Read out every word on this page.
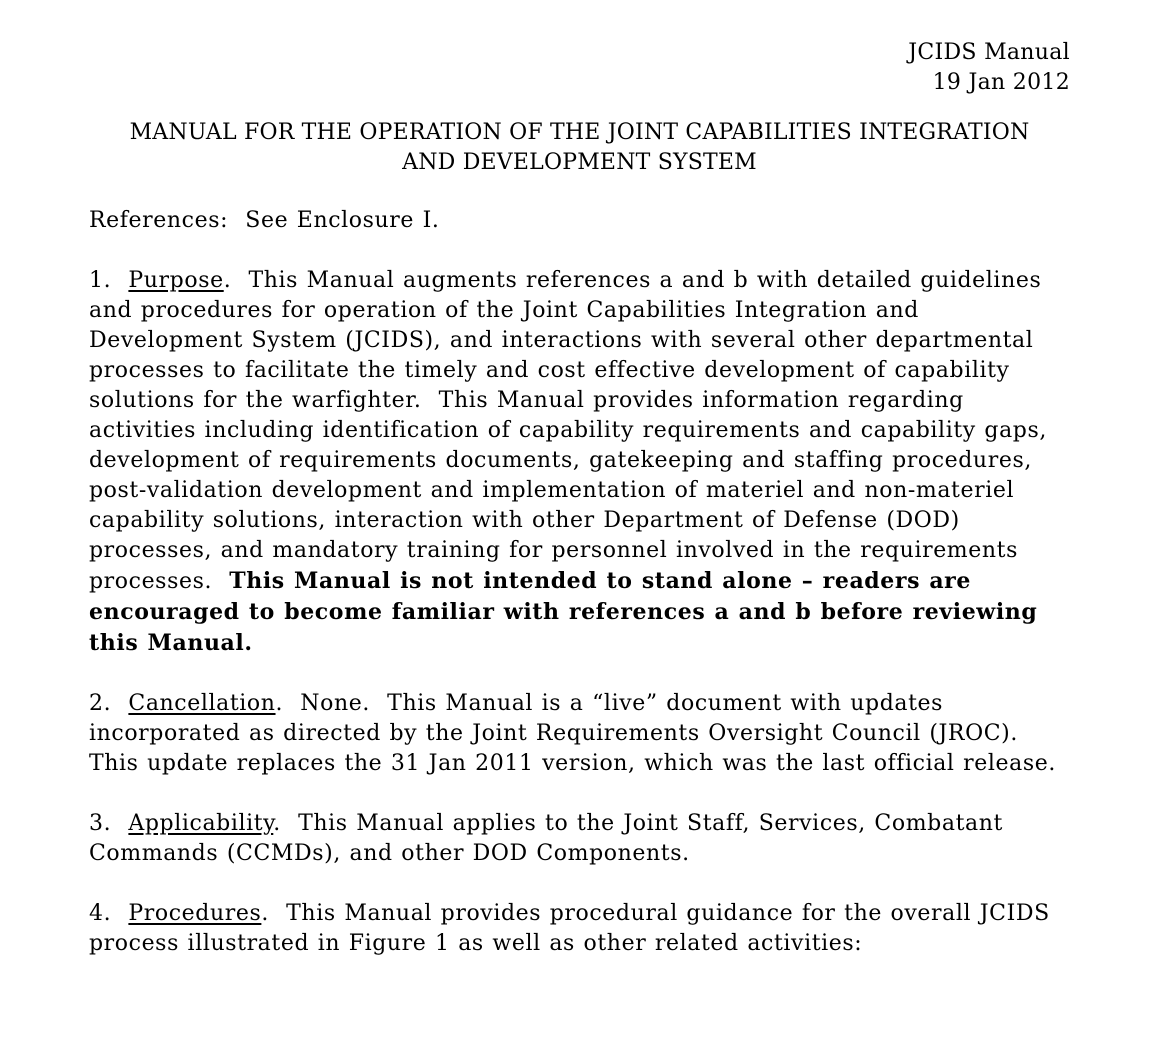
JCIDS Manual
19 Jan 2012
MANUAL FOR THE OPERATION OF THE JOINT CAPABILITIES INTEGRATION
AND DEVELOPMENT SYSTEM
References:  See Enclosure I.

1.  Purpose.  This Manual augments references a and b with detailed guidelines and procedures for operation of the Joint Capabilities Integration and Development System (JCIDS), and interactions with several other departmental processes to facilitate the timely and cost effective development of capability solutions for the warfighter.  This Manual provides information regarding activities including identification of capability requirements and capability gaps, development of requirements documents, gatekeeping and staffing procedures, post-validation development and implementation of materiel and non-materiel capability solutions, interaction with other Department of Defense (DOD) processes, and mandatory training for personnel involved in the requirements processes.  This Manual is not intended to stand alone – readers are encouraged to become familiar with references a and b before reviewing this Manual.

2.  Cancellation.  None.  This Manual is a “live” document with updates incorporated as directed by the Joint Requirements Oversight Council (JROC).  This update replaces the 31 Jan 2011 version, which was the last official release.

3.  Applicability.  This Manual applies to the Joint Staff, Services, Combatant Commands (CCMDs), and other DOD Components.

4.  Procedures.  This Manual provides procedural guidance for the overall JCIDS process illustrated in Figure 1 as well as other related activities:
